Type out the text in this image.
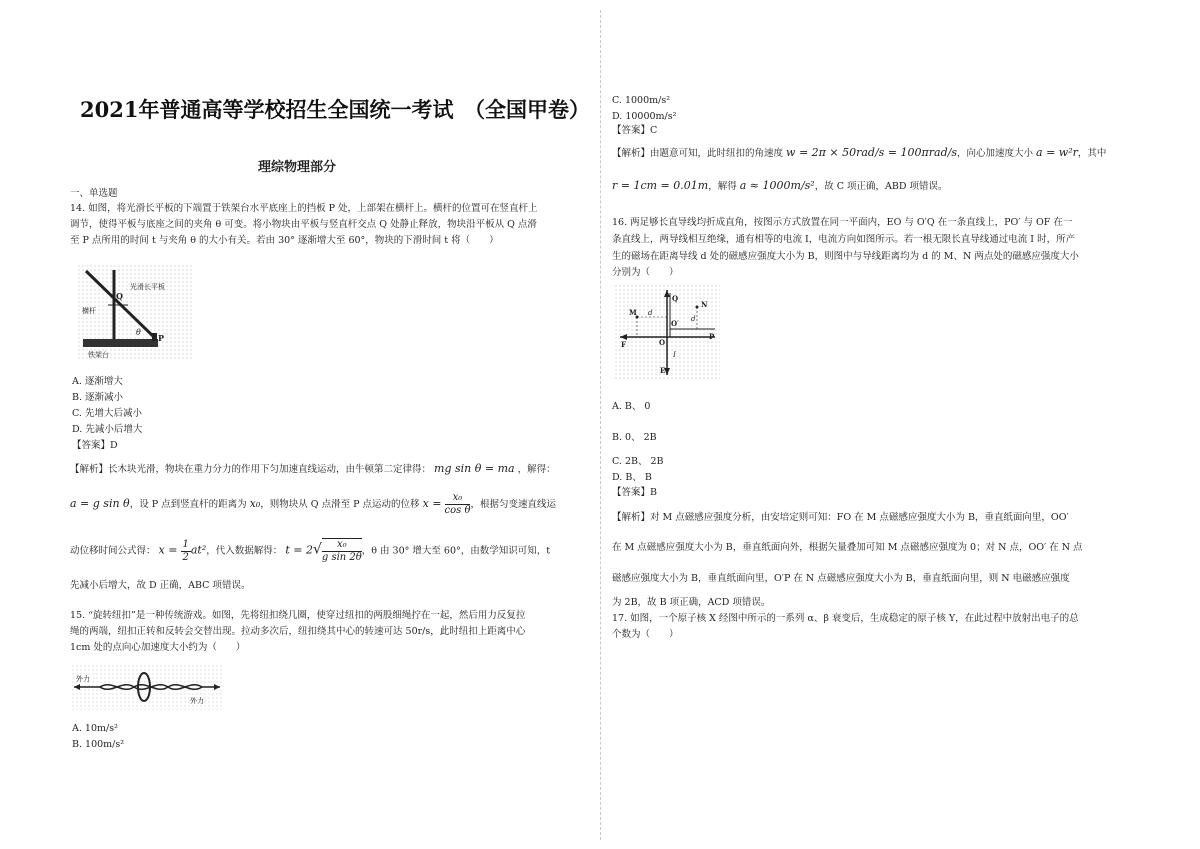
2021年普通高等学校招生全国统一考试　（全国甲卷）
理综物理部分
一、单选题
14. 如图，将光滑长平板的下端置于铁架台水平底座上的挡板 P 处，上部架在横杆上。横杆的位置可在竖直杆上
调节，使得平板与底座之间的夹角 θ 可变。将小物块由平板与竖直杆交点 Q 处静止释放，物块沿平板从 Q 点滑
至 P 点所用的时间 t 与夹角 θ 的大小有关。若由 30° 逐渐增大至 60°，物块的下滑时间 t 将（　　）
横杆
光滑长平板
Q
P
θ
铁架台
A. 逐渐增大
B. 逐渐减小
C. 先增大后减小
D. 先减小后增大
【答案】D
【解析】长木块光滑，物块在重力分力的作用下匀加速直线运动，由牛顿第二定律得： mg sin θ = ma ，解得：
a = g sin θ，设 P 点到竖直杆的距离为 x₀，则物块从 Q 点滑至 P 点运动的位移 $x = \frac{\text{x₀}}{\text{cos θ}}$ ，根据匀变速直线运
动位移时间公式得： $x = \frac{1}{2} at^2$，代入数据解得： $t = 2√ \frac{\text{x₀}}{\text{g sin 2θ}}$ ，θ 由 30° 增大至 60°，由数学知识可知，t
先减小后增大，故 D 正确，ABC 项错误。
15. “旋转纽扣”是一种传统游戏。如图，先将纽扣绕几圈，使穿过纽扣的两股细绳拧在一起，然后用力反复拉
绳的两端，纽扣正转和反转会交替出现。拉动多次后，纽扣绕其中心的转速可达 50r/s，此时纽扣上距离中心
1cm 处的点向心加速度大小约为（　　）
外力
外力
A. 10m/s²
B. 100m/s²
C. 1000m/s²
D. 10000m/s²
【答案】C
【解析】由题意可知，此时纽扣的角速度 w = 2π × 50rad/s = 100πrad/s，向心加速度大小 a = w²r，其中
r = 1cm = 0.01m，解得 a ≈ 1000m/s²，故 C 项正确，ABD 项错误。
16. 两足够长直导线均折成直角，按图示方式放置在同一平面内，EO 与 O′Q 在一条直线上，PO′ 与 OF 在一
条直线上，两导线相互绝缘，通有相等的电流 I，电流方向如图所示。若一根无限长直导线通过电流 I 时，所产
生的磁场在距离导线 d 处的磁感应强度大小为 B，则图中与导线距离均为 d 的 M、N 两点处的磁感应强度大小
分别为（　　）
M
N
Q
O
O′
E
F
P
d
d
I
A. B、 0
B. 0、 2B
C. 2B、 2B
D. B、 B
【答案】B
【解析】对 M 点磁感应强度分析，由安培定则可知：FO 在 M 点磁感应强度大小为 B，垂直纸面向里，OO′
在 M 点磁感应强度大小为 B，垂直纸面向外，根据矢量叠加可知 M 点磁感应强度为 0；对 N 点，OO′ 在 N 点
磁感应强度大小为 B，垂直纸面向里，O′P 在 N 点磁感应强度大小为 B，垂直纸面向里，则 N 电磁感应强度
为 2B，故 B 项正确，ACD 项错误。
17. 如图，一个原子核 X 经图中所示的一系列 α、β 衰变后，生成稳定的原子核 Y，在此过程中放射出电子的总
个数为（　　）
